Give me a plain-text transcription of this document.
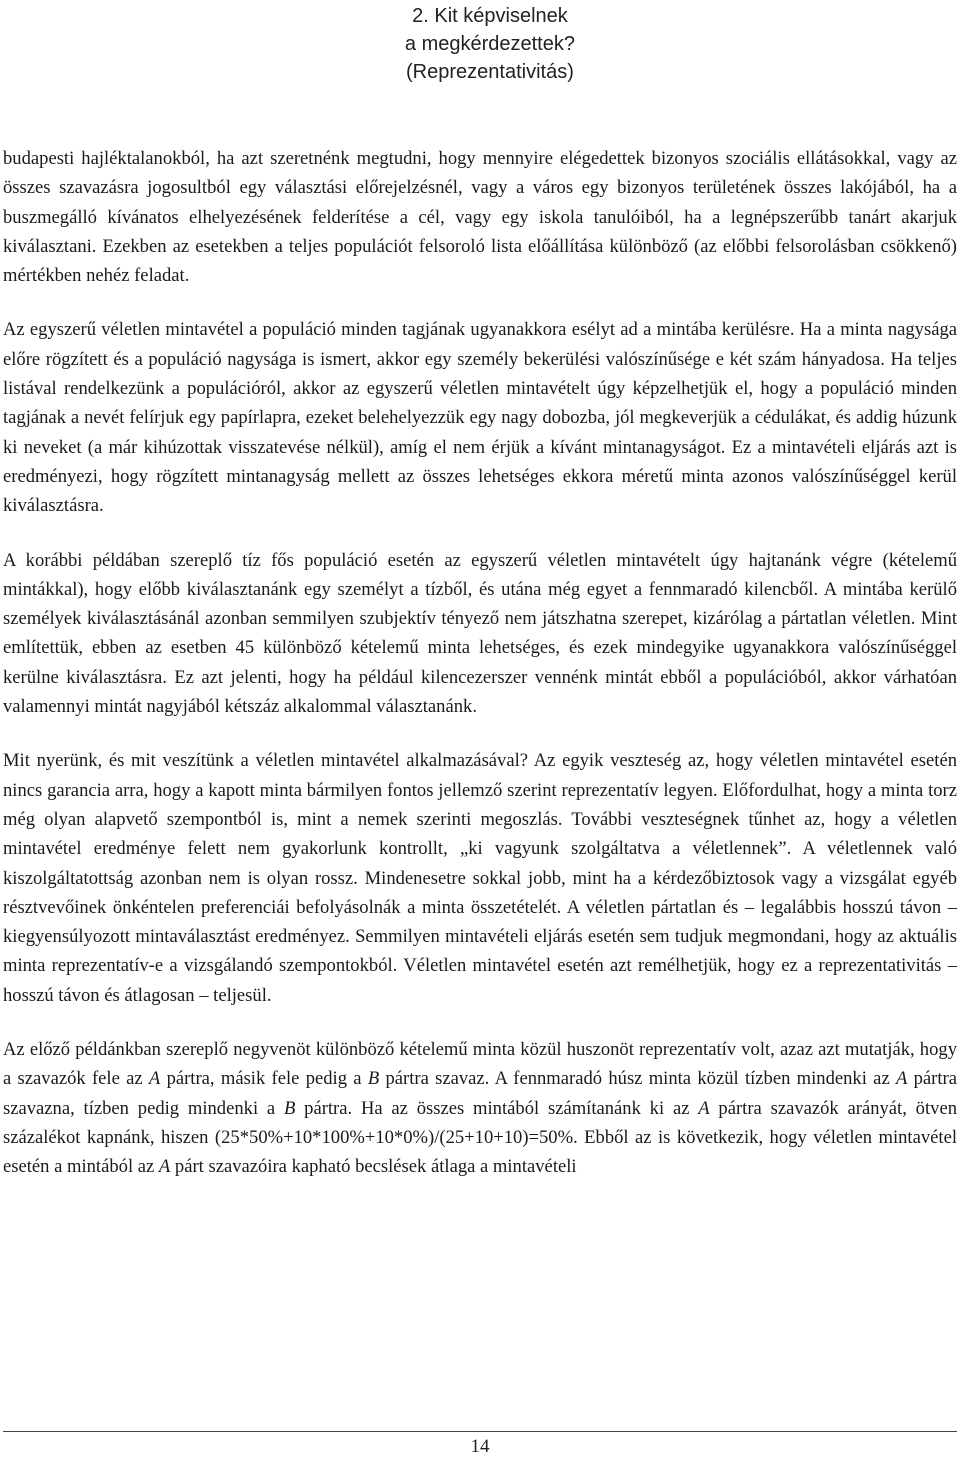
2. Kit képviselnek
a megkérdezettek?
(Reprezentativitás)

budapesti hajléktalanokból, ha azt szeretnénk megtudni, hogy mennyire elégedettek bizonyos szociális ellátásokkal, vagy az összes szavazásra jogosultból egy választási előrejelzésnél, vagy a város egy bizonyos területének összes lakójából, ha a buszmegálló kívánatos elhelyezésének felderítése a cél, vagy egy iskola tanulóiból, ha a legnépszerűbb tanárt akarjuk kiválasztani. Ezekben az esetekben a teljes populációt felsoroló lista előállítása különböző (az előbbi felsorolásban csökkenő) mértékben nehéz feladat.

Az egyszerű véletlen mintavétel a populáció minden tagjának ugyanakkora esélyt ad a mintába kerülésre. Ha a minta nagysága előre rögzített és a populáció nagysága is ismert, akkor egy személy bekerülési valószínűsége e két szám hányadosa. Ha teljes listával rendelkezünk a populációról, akkor az egyszerű véletlen mintavételt úgy képzelhetjük el, hogy a populáció minden tagjának a nevét felírjuk egy papírlapra, ezeket belehelyezzük egy nagy dobozba, jól megkeverjük a cédulákat, és addig húzunk ki neveket (a már kihúzottak visszatevése nélkül), amíg el nem érjük a kívánt mintanagyságot. Ez a mintavételi eljárás azt is eredményezi, hogy rögzített mintanagyság mellett az összes lehetséges ekkora méretű minta azonos valószínűséggel kerül kiválasztásra.

A korábbi példában szereplő tíz fős populáció esetén az egyszerű véletlen mintavételt úgy hajtanánk végre (kételemű mintákkal), hogy előbb kiválasztanánk egy személyt a tízből, és utána még egyet a fennmaradó kilencből. A mintába kerülő személyek kiválasztásánál azonban semmilyen szubjektív tényező nem játszhatna szerepet, kizárólag a pártatlan véletlen. Mint említettük, ebben az esetben 45 különböző kételemű minta lehetséges, és ezek mindegyike ugyanakkora valószínűséggel kerülne kiválasztásra. Ez azt jelenti, hogy ha például kilencezerszer vennénk mintát ebből a populációból, akkor várhatóan valamennyi mintát nagyjából kétszáz alkalommal választanánk.

Mit nyerünk, és mit veszítünk a véletlen mintavétel alkalmazásával? Az egyik veszteség az, hogy véletlen mintavétel esetén nincs garancia arra, hogy a kapott minta bármilyen fontos jellemző szerint reprezentatív legyen. Előfordulhat, hogy a minta torz még olyan alapvető szempontból is, mint a nemek szerinti megoszlás. További veszteségnek tűnhet az, hogy a véletlen mintavétel eredménye felett nem gyakorlunk kontrollt, „ki vagyunk szolgáltatva a véletlennek”. A véletlennek való kiszolgáltatottság azonban nem is olyan rossz. Mindenesetre sokkal jobb, mint ha a kérdezőbiztosok vagy a vizsgálat egyéb résztvevőinek önkéntelen preferenciái befolyásolnák a minta összetételét. A véletlen pártatlan és – legalábbis hosszú távon – kiegyensúlyozott mintaválasztást eredményez. Semmilyen mintavételi eljárás esetén sem tudjuk megmondani, hogy az aktuális minta reprezentatív-e a vizsgálandó szempontokból. Véletlen mintavétel esetén azt remélhetjük, hogy ez a reprezentativitás – hosszú távon és átlagosan – teljesül.

Az előző példánkban szereplő negyvenöt különböző kételemű minta közül huszonöt reprezentatív volt, azaz azt mutatják, hogy a szavazók fele az A pártra, másik fele pedig a B pártra szavaz. A fennmaradó húsz minta közül tízben mindenki az A pártra szavazna, tízben pedig mindenki a B pártra. Ha az összes mintából számítanánk ki az A pártra szavazók arányát, ötven százalékot kapnánk, hiszen (25*50%+10*100%+10*0%)/(25+10+10)=50%. Ebből az is következik, hogy véletlen mintavétel esetén a mintából az A párt szavazóira kapható becslések átlaga a mintavételi

14
